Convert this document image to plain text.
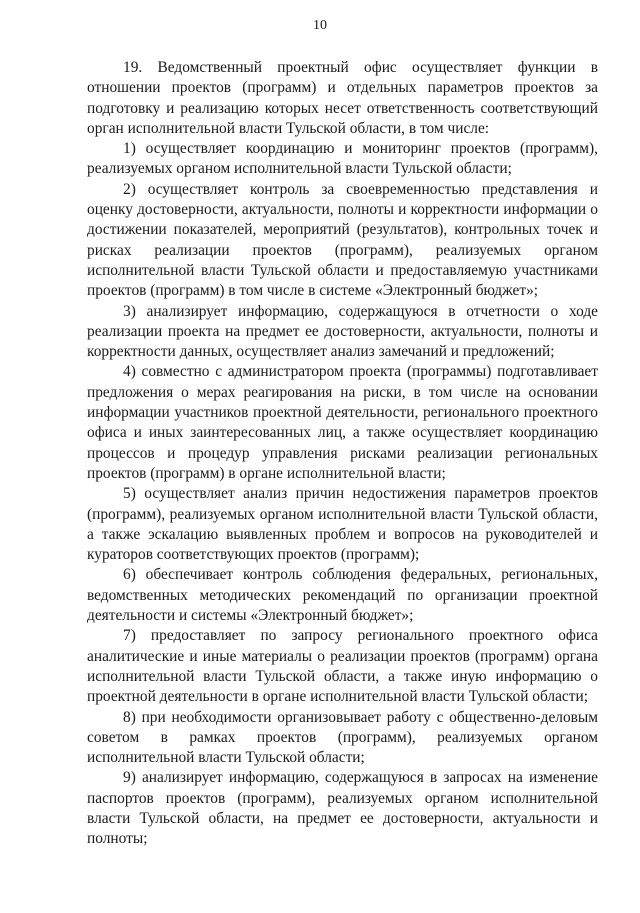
10

19. Ведомственный проектный офис осуществляет функции в отношении проектов (программ) и отдельных параметров проектов за подготовку и реализацию которых несет ответственность соответствующий орган исполнительной власти Тульской области, в том числе:

1) осуществляет координацию и мониторинг проектов (программ), реализуемых органом исполнительной власти Тульской области;

2) осуществляет контроль за своевременностью представления и оценку достоверности, актуальности, полноты и корректности информации о достижении показателей, мероприятий (результатов), контрольных точек и рисках реализации проектов (программ), реализуемых органом исполнительной власти Тульской области и предоставляемую участниками проектов (программ) в том числе в системе «Электронный бюджет»;

3) анализирует информацию, содержащуюся в отчетности о ходе реализации проекта на предмет ее достоверности, актуальности, полноты и корректности данных, осуществляет анализ замечаний и предложений;

4) совместно с администратором проекта (программы) подготавливает предложения о мерах реагирования на риски, в том числе на основании информации участников проектной деятельности, регионального проектного офиса и иных заинтересованных лиц, а также осуществляет координацию процессов и процедур управления рисками реализации региональных проектов (программ) в органе исполнительной власти;

5) осуществляет анализ причин недостижения параметров проектов (программ), реализуемых органом исполнительной власти Тульской области, а также эскалацию выявленных проблем и вопросов на руководителей и кураторов соответствующих проектов (программ);

6) обеспечивает контроль соблюдения федеральных, региональных, ведомственных методических рекомендаций по организации проектной деятельности и системы «Электронный бюджет»;

7) предоставляет по запросу регионального проектного офиса аналитические и иные материалы о реализации проектов (программ) органа исполнительной власти Тульской области, а также иную информацию о проектной деятельности в органе исполнительной власти Тульской области;

8) при необходимости организовывает работу с общественно-деловым советом в рамках проектов (программ), реализуемых органом исполнительной власти Тульской области;

9) анализирует информацию, содержащуюся в запросах на изменение паспортов проектов (программ), реализуемых органом исполнительной власти Тульской области, на предмет ее достоверности, актуальности и полноты;
